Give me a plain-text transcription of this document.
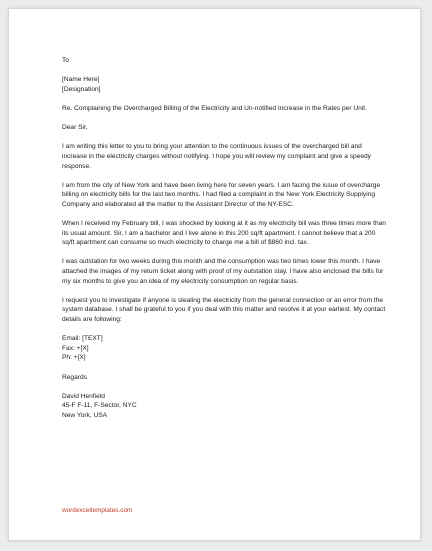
To

[Name Here]
[Designation]

Re. Complaining the Overcharged Billing of the Electricity and Un-notified Increase in the Rates per Unit.

Dear Sir,

I am writing this letter to you to bring your attention to the continuous issues of the overcharged bill and increase in the electricity charges without notifying. I hope you will review my complaint and give a speedy response.

I am from the city of New York and have been living here for seven years. I am facing the issue of overcharge billing on electricity bills for the last two months. I had filed a complaint in the New York Electricity Supplying Company and elaborated all the matter to the Assistant Director of the NY-ESC.

When I received my February bill, I was shocked by looking at it as my electricity bill was three times more than its usual amount. Sir, I am a bachelor and I live alone in this 200 sq/ft apartment. I cannot believe that a 200 sq/ft apartment can consume so much electricity to charge me a bill of $860 incl. tax.

I was outstation for two weeks during this month and the consumption was two times lower this month. I have attached the images of my return ticket along with proof of my outstation stay. I have also enclosed the bills for my six months to give you an idea of my electricity consumption on regular basis.

I request you to investigate if anyone is stealing the electricity from the general connection or an error from the system database. I shall be grateful to you if you deal with this matter and resolve it at your earliest. My contact details are following:

Email: [TEXT]
Fax: +[X]
Ph: +[X]

Regards

David Henfield
45-F F-11, F-Sector, NYC
New York, USA

wordexceltemplates.com
